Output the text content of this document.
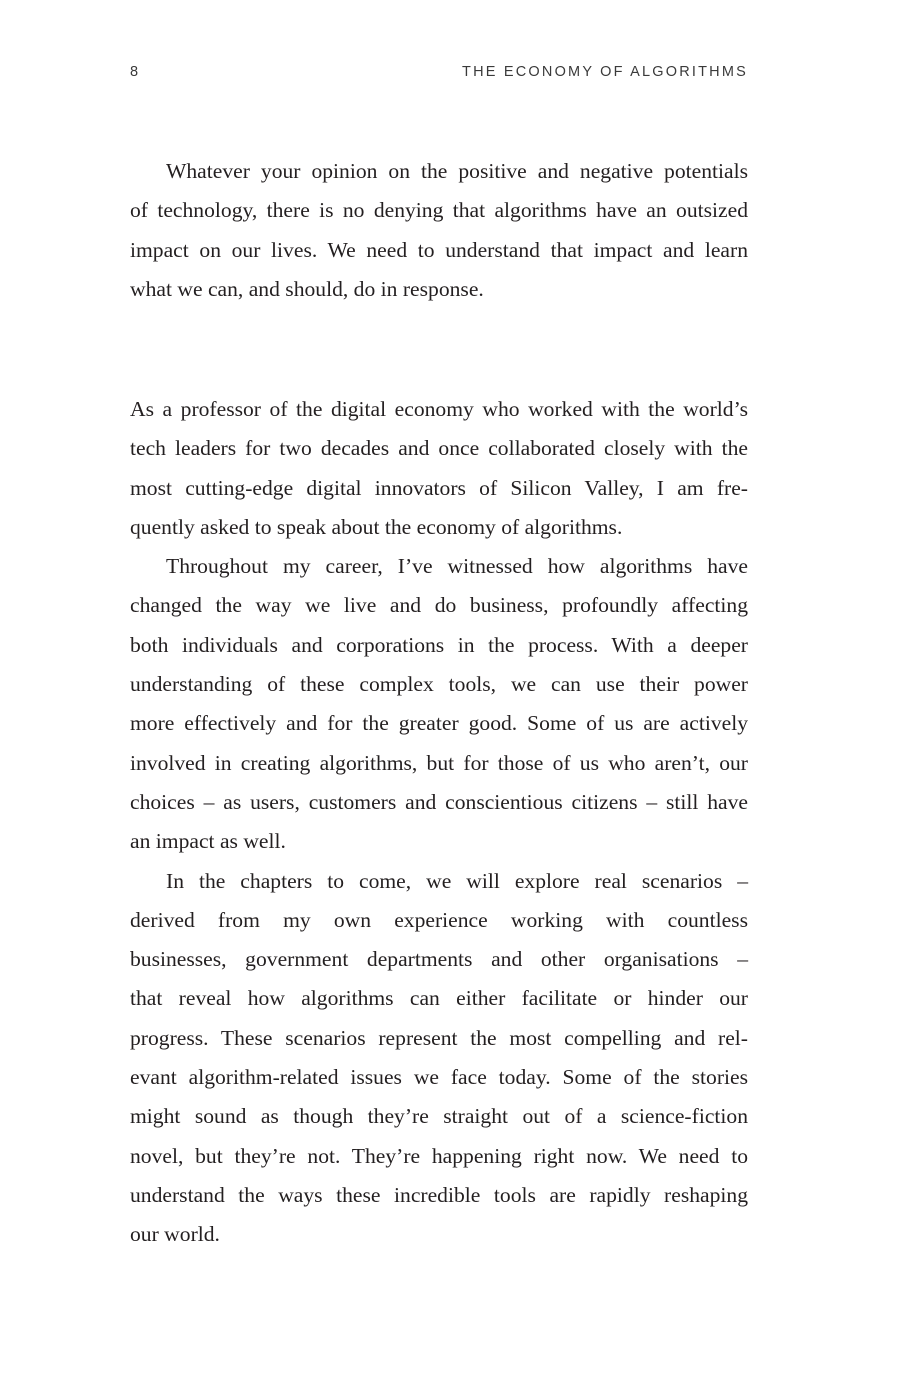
8	THE ECONOMY OF ALGORITHMS
Whatever your opinion on the positive and negative potentials
of technology, there is no denying that algorithms have an outsized
impact on our lives. We need to understand that impact and learn
what we can, and should, do in response.
As a professor of the digital economy who worked with the world’s
tech leaders for two decades and once collaborated closely with the
most cutting-edge digital innovators of Silicon Valley, I am fre-
quently asked to speak about the economy of algorithms.
Throughout my career, I’ve witnessed how algorithms have
changed the way we live and do business, profoundly affecting
both individuals and corporations in the process. With a deeper
understanding of these complex tools, we can use their power
more effectively and for the greater good. Some of us are actively
involved in creating algorithms, but for those of us who aren’t, our
choices – as users, customers and conscientious citizens – still have
an impact as well.
In the chapters to come, we will explore real scenarios –
derived from my own experience working with countless
businesses, government departments and other organisations –
that reveal how algorithms can either facilitate or hinder our
progress. These scenarios represent the most compelling and rel-
evant algorithm-related issues we face today. Some of the stories
might sound as though they’re straight out of a science-fiction
novel, but they’re not. They’re happening right now. We need to
understand the ways these incredible tools are rapidly reshaping
our world.
